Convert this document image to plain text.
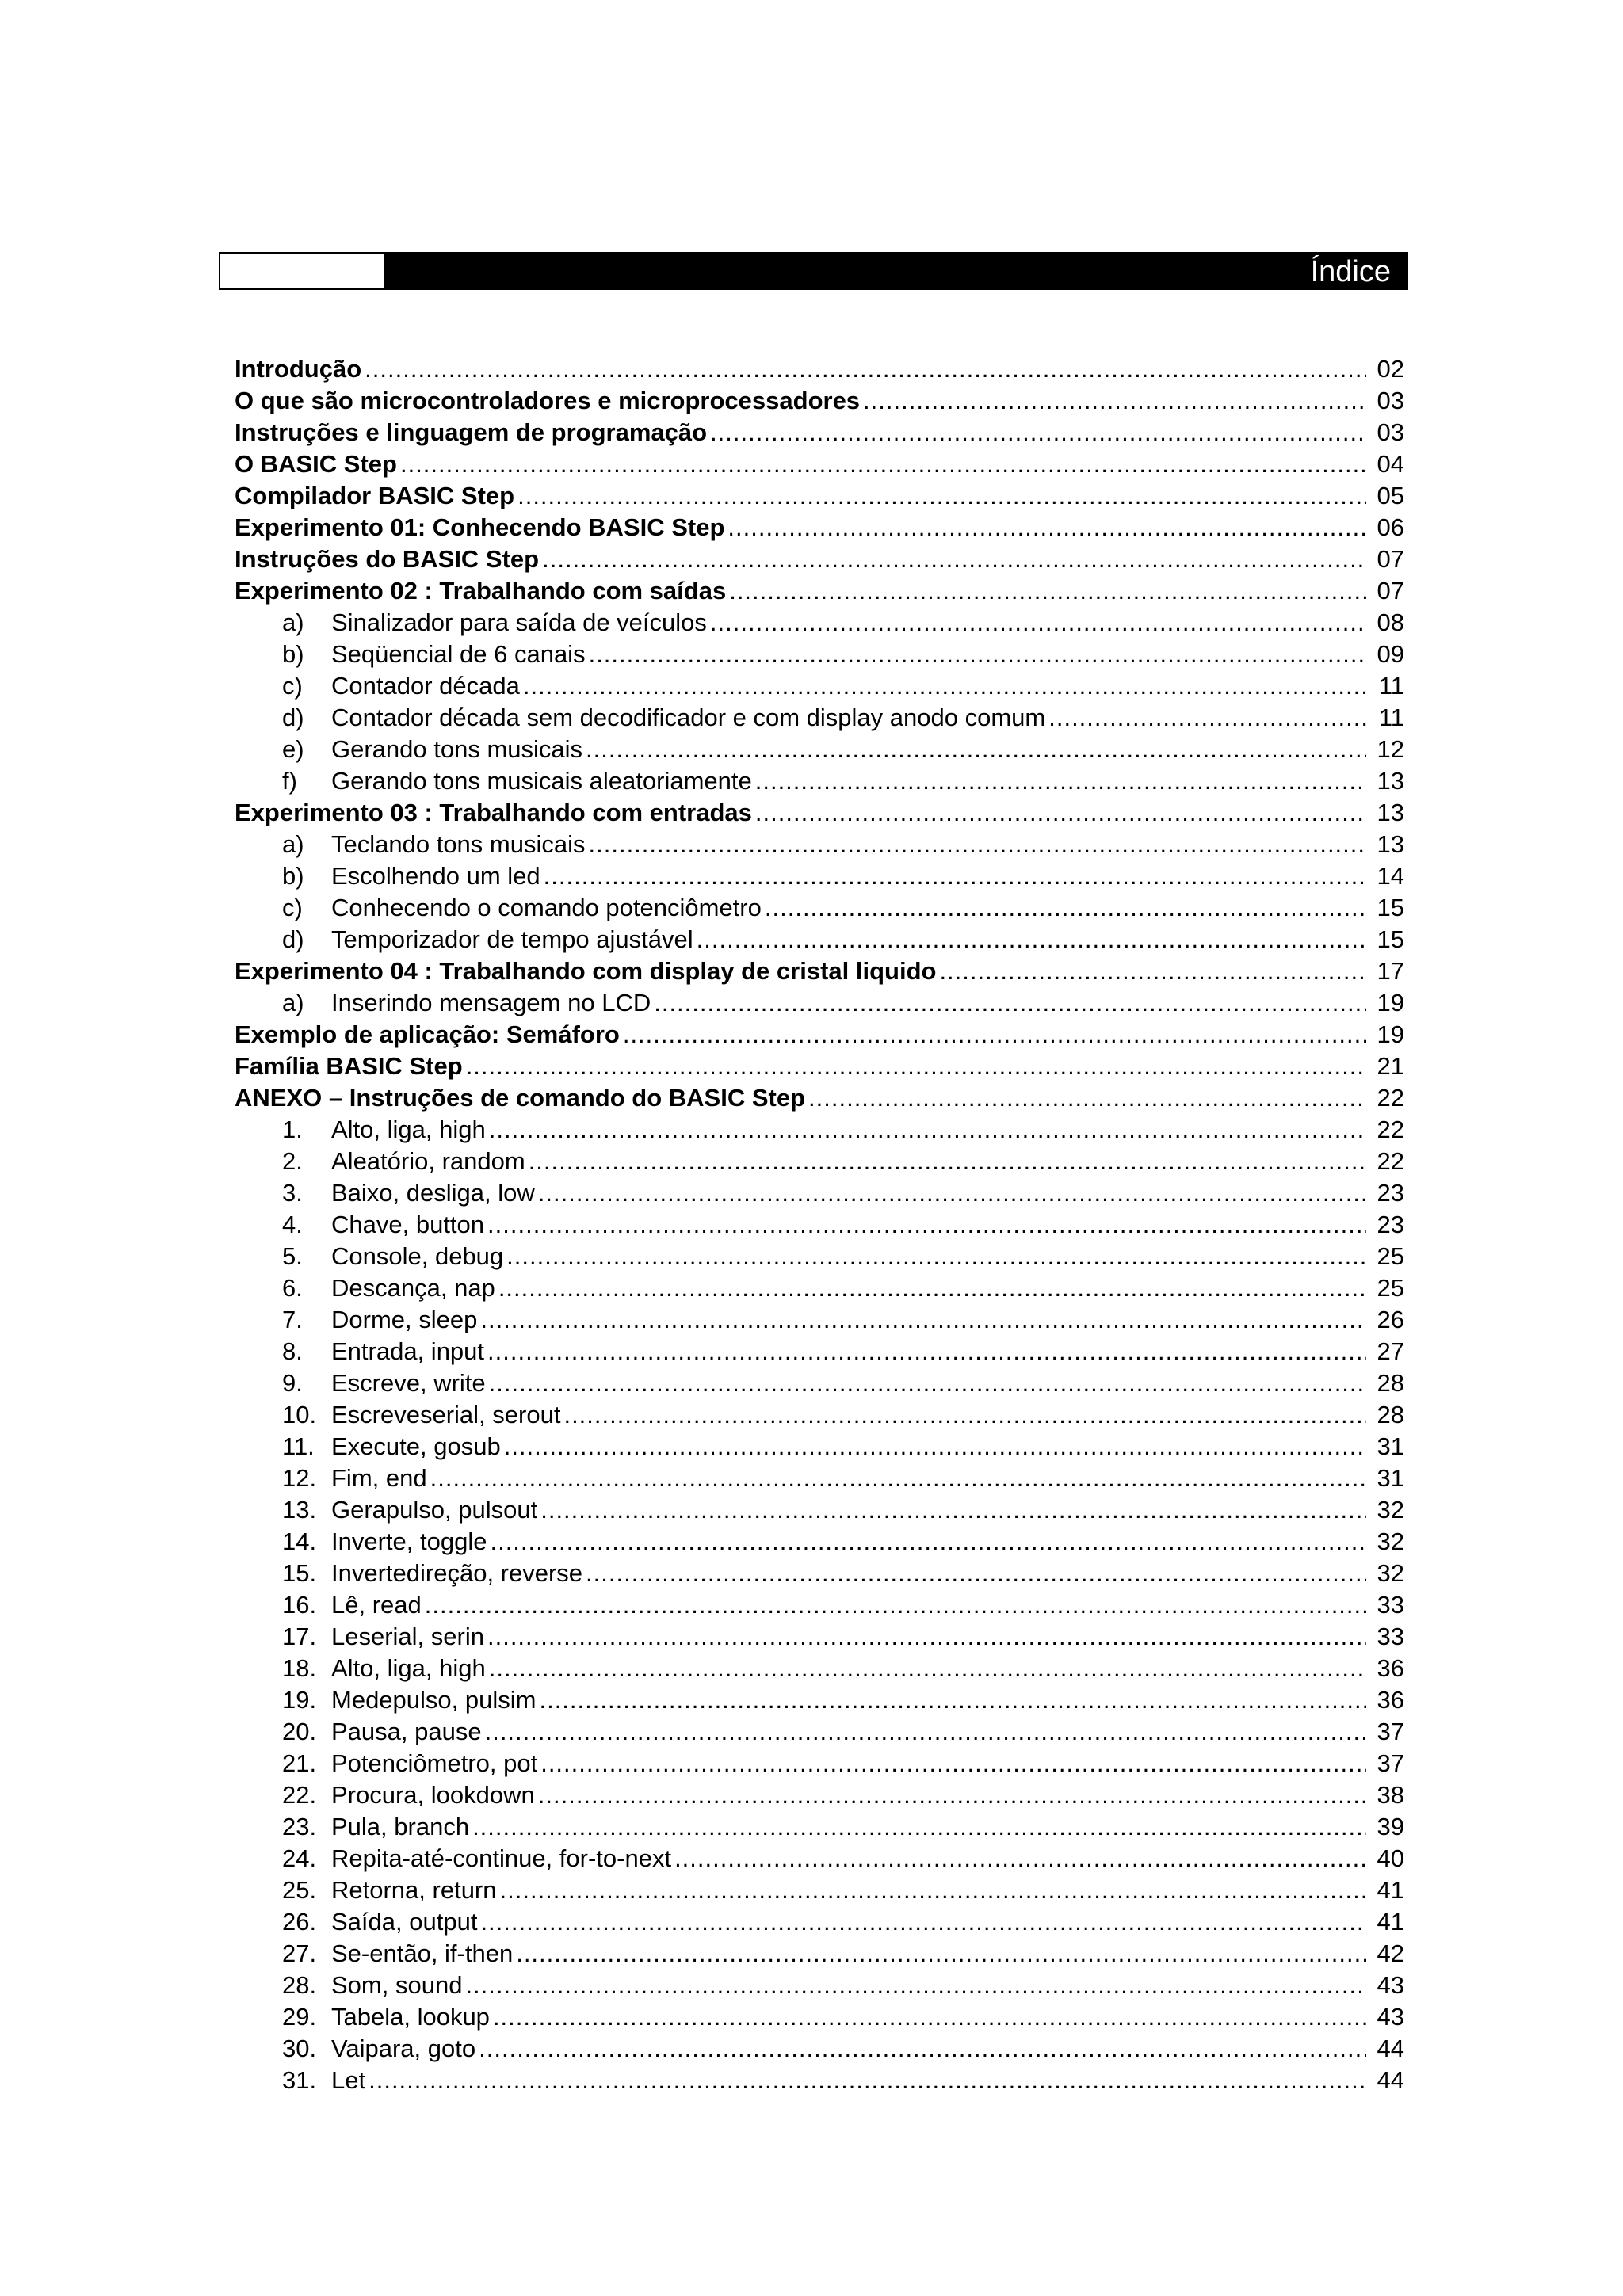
Índice
Introdução .....	02
O que são microcontroladores e microprocessadores .....	03
Instruções e linguagem de programação .....	03
O BASIC Step .....	04
Compilador BASIC Step .....	05
Experimento 01: Conhecendo BASIC Step .....	06
Instruções do BASIC Step .....	07
Experimento 02 : Trabalhando com saídas .....	07
a)	Sinalizador para saída de veículos .....	08
b)	Seqüencial de 6 canais .....	09
c)	Contador década .....	11
d)	Contador década sem decodificador e com display anodo comum .....	11
e)	Gerando tons musicais .....	12
f)	Gerando tons musicais aleatoriamente .....	13
Experimento 03 : Trabalhando com entradas .....	13
a)	Teclando tons musicais .....	13
b)	Escolhendo um led .....	14
c)	Conhecendo o comando potenciômetro .....	15
d)	Temporizador de tempo ajustável .....	15
Experimento 04 : Trabalhando com display de cristal liquido .....	17
a)	Inserindo mensagem no LCD .....	19
Exemplo de aplicação: Semáforo .....	19
Família BASIC Step .....	21
ANEXO – Instruções de comando do BASIC Step .....	22
1.	Alto, liga, high .....	22
2.	Aleatório, random .....	22
3.	Baixo, desliga, low .....	23
4.	Chave, button .....	23
5.	Console, debug .....	25
6.	Descança, nap .....	25
7.	Dorme, sleep .....	26
8.	Entrada, input .....	27
9.	Escreve, write .....	28
10. Escreveserial, serout .....	28
11. Execute, gosub .....	31
12. Fim, end .....	31
13. Gerapulso, pulsout .....	32
14. Inverte, toggle .....	32
15. Invertedireção, reverse .....	32
16. Lê, read .....	33
17. Leserial, serin .....	33
18. Alto, liga, high .....	36
19. Medepulso, pulsim .....	36
20. Pausa, pause .....	37
21. Potenciômetro, pot .....	37
22. Procura, lookdown .....	38
23. Pula, branch .....	39
24. Repita-até-continue, for-to-next .....	40
25. Retorna, return .....	41
26. Saída, output .....	41
27. Se-então, if-then .....	42
28. Som, sound .....	43
29. Tabela, lookup .....	43
30. Vaipara, goto .....	44
31. Let .....	44
